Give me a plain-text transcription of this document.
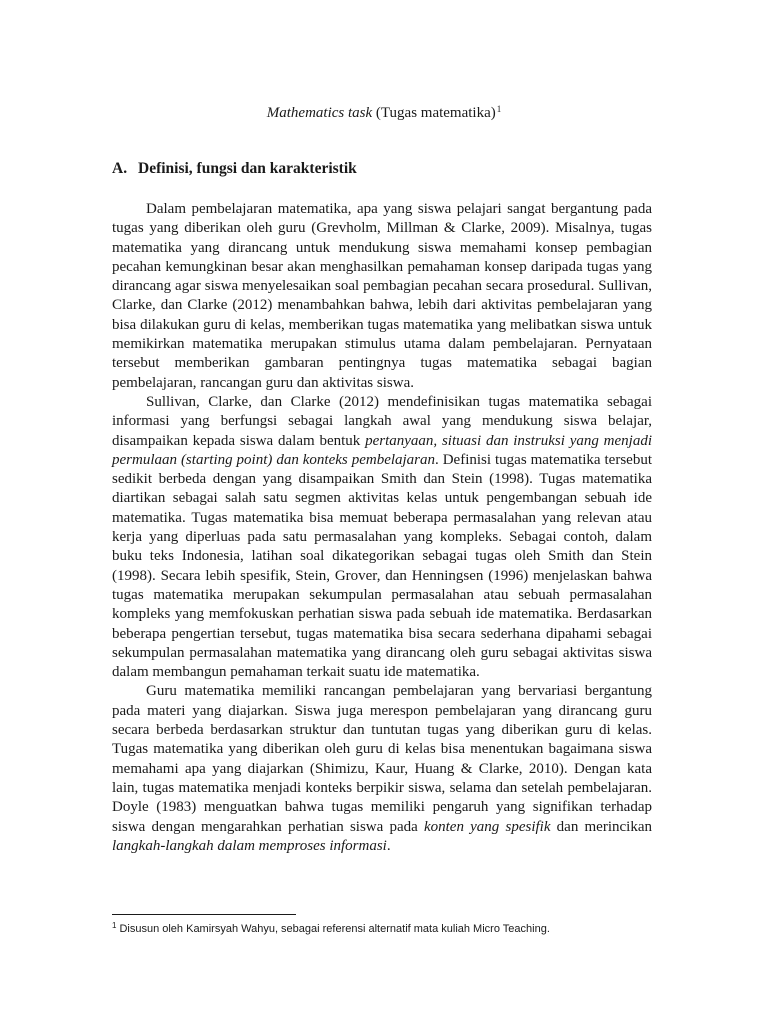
Mathematics task (Tugas matematika)$^1$
A. Definisi, fungsi dan karakteristik

Dalam pembelajaran matematika, apa yang siswa pelajari sangat bergantung pada tugas yang diberikan oleh guru (Grevholm, Millman & Clarke, 2009). Misalnya, tugas matematika yang dirancang untuk mendukung siswa memahami konsep pembagian pecahan kemungkinan besar akan menghasilkan pemahaman konsep daripada tugas yang dirancang agar siswa menyelesaikan soal pembagian pecahan secara prosedural. Sullivan, Clarke, dan Clarke (2012) menambahkan bahwa, lebih dari aktivitas pembelajaran yang bisa dilakukan guru di kelas, memberikan tugas matematika yang melibatkan siswa untuk memikirkan matematika merupakan stimulus utama dalam pembelajaran. Pernyataan tersebut memberikan gambaran pentingnya tugas matematika sebagai bagian pembelajaran, rancangan guru dan aktivitas siswa.

Sullivan, Clarke, dan Clarke (2012) mendefinisikan tugas matematika sebagai informasi yang berfungsi sebagai langkah awal yang mendukung siswa belajar, disampaikan kepada siswa dalam bentuk pertanyaan, situasi dan instruksi yang menjadi permulaan (starting point) dan konteks pembelajaran. Definisi tugas matematika tersebut sedikit berbeda dengan yang disampaikan Smith dan Stein (1998). Tugas matematika diartikan sebagai salah satu segmen aktivitas kelas untuk pengembangan sebuah ide matematika. Tugas matematika bisa memuat beberapa permasalahan yang relevan atau kerja yang diperluas pada satu permasalahan yang kompleks. Sebagai contoh, dalam buku teks Indonesia, latihan soal dikategorikan sebagai tugas oleh Smith dan Stein (1998). Secara lebih spesifik, Stein, Grover, dan Henningsen (1996) menjelaskan bahwa tugas matematika merupakan sekumpulan permasalahan atau sebuah permasalahan kompleks yang memfokuskan perhatian siswa pada sebuah ide matematika. Berdasarkan beberapa pengertian tersebut, tugas matematika bisa secara sederhana dipahami sebagai sekumpulan permasalahan matematika yang dirancang oleh guru sebagai aktivitas siswa dalam membangun pemahaman terkait suatu ide matematika.

Guru matematika memiliki rancangan pembelajaran yang bervariasi bergantung pada materi yang diajarkan. Siswa juga merespon pembelajaran yang dirancang guru secara berbeda berdasarkan struktur dan tuntutan tugas yang diberikan guru di kelas. Tugas matematika yang diberikan oleh guru di kelas bisa menentukan bagaimana siswa memahami apa yang diajarkan (Shimizu, Kaur, Huang & Clarke, 2010). Dengan kata lain, tugas matematika menjadi konteks berpikir siswa, selama dan setelah pembelajaran. Doyle (1983) menguatkan bahwa tugas memiliki pengaruh yang signifikan terhadap siswa dengan mengarahkan perhatian siswa pada konten yang spesifik dan merincikan langkah-langkah dalam memproses informasi.

$^1$ Disusun oleh Kamirsyah Wahyu, sebagai referensi alternatif mata kuliah Micro Teaching.
